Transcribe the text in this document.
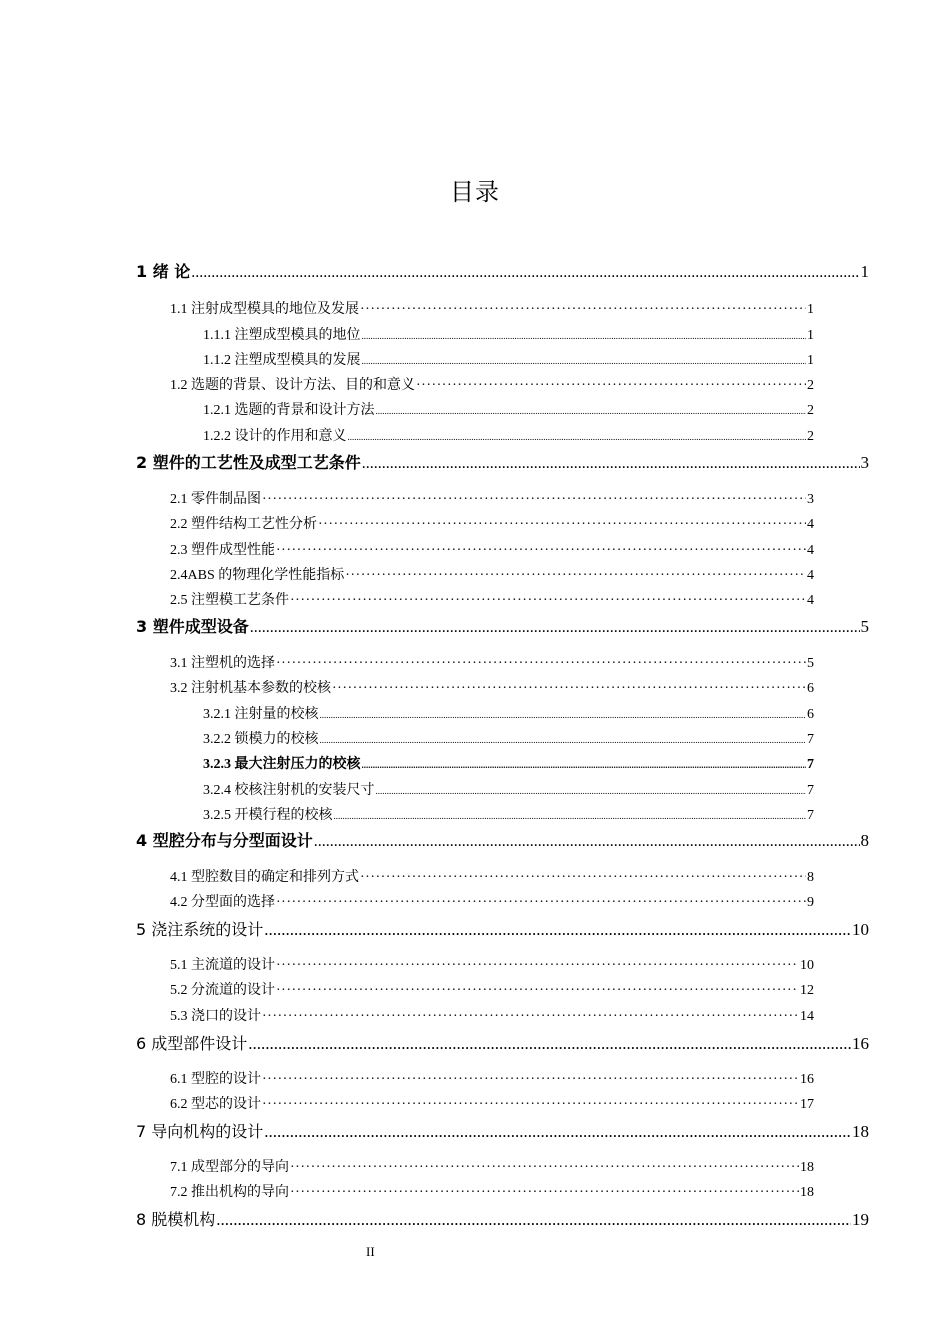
目录
1 绪 论 .....	1
1.1 注射成型模具的地位及发展 ·····	1
1.1.1 注塑成型模具的地位 .....	1
1.1.2 注塑成型模具的发展 .....	1
1.2 选题的背景、设计方法、目的和意义 ·····	2
1.2.1 选题的背景和设计方法 .....	2
1.2.2 设计的作用和意义 .....	2
2 塑件的工艺性及成型工艺条件 .....	3
2.1 零件制品图 ·····	3
2.2 塑件结构工艺性分析 ·····	4
2.3 塑件成型性能 ·····	4
2.4ABS 的物理化学性能指标 ·····	4
2.5 注塑模工艺条件 ·····	4
3 塑件成型设备 .....	5
3.1 注塑机的选择 ·····	5
3.2 注射机基本参数的校核 ·····	6
3.2.1 注射量的校核 .....	6
3.2.2 锁模力的校核 .....	7
3.2.3 最大注射压力的校核 .....	7
3.2.4 校核注射机的安装尺寸 .....	7
3.2.5 开模行程的校核 .....	7
4 型腔分布与分型面设计 .....	8
4.1 型腔数目的确定和排列方式 ·····	8
4.2 分型面的选择 ·····	9
5 浇注系统的设计 .....	10
5.1 主流道的设计 ·····	10
5.2 分流道的设计 ·····	12
5.3 浇口的设计 ·····	14
6 成型部件设计 .....	16
6.1 型腔的设计 ·····	16
6.2 型芯的设计 ·····	17
7 导向机构的设计 .....	18
7.1 成型部分的导向 ·····	18
7.2 推出机构的导向 ·····	18
8 脱模机构 .....	19
II
